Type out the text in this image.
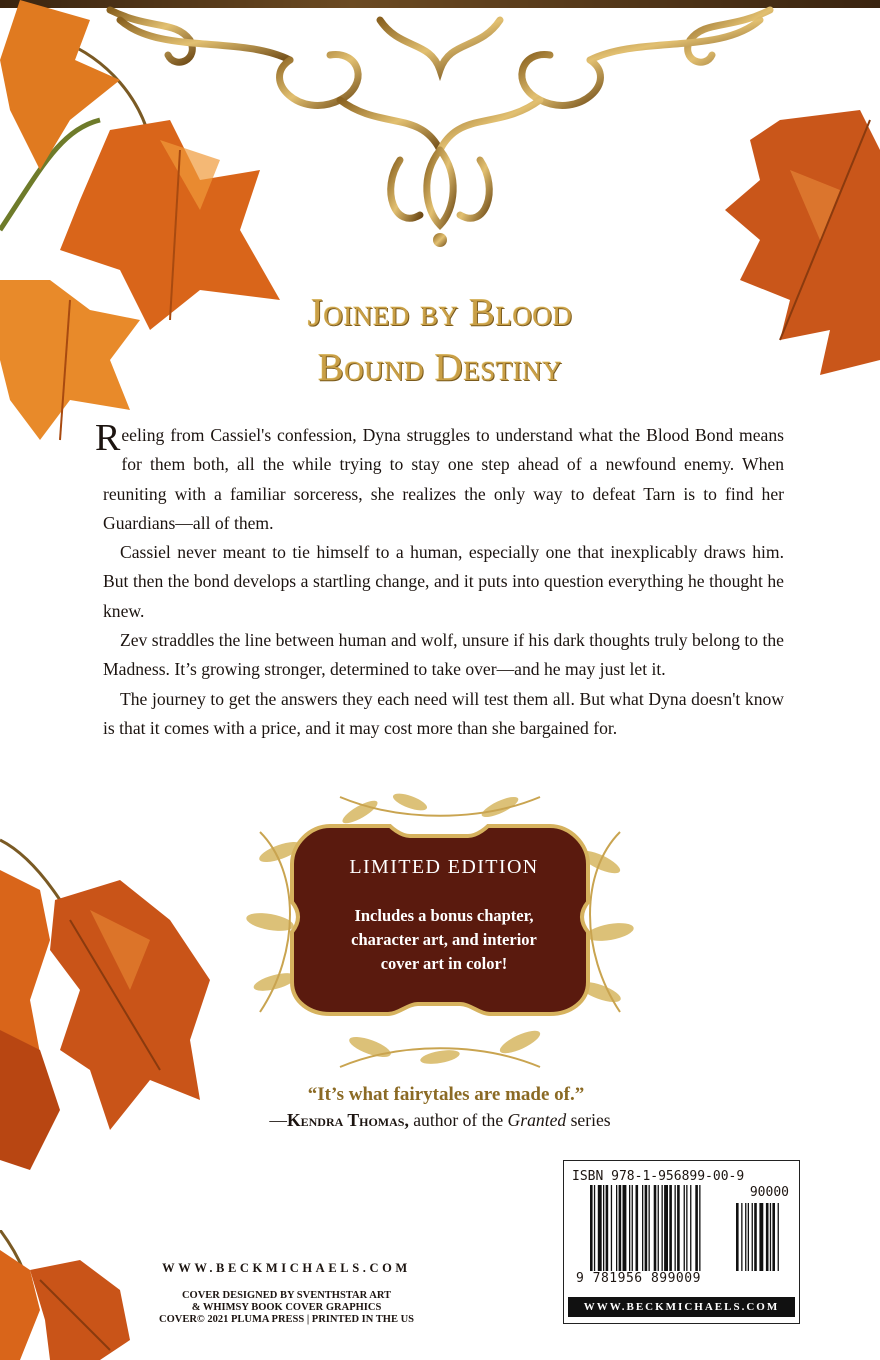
Joined by Blood
Bound Destiny

Reeling from Cassiel's confession, Dyna struggles to understand what the Blood Bond means for them both, all the while trying to stay one step ahead of a newfound enemy. When reuniting with a familiar sorceress, she realizes the only way to defeat Tarn is to find her Guardians—all of them.

Cassiel never meant to tie himself to a human, especially one that inexplicably draws him. But then the bond develops a startling change, and it puts into question everything he thought he knew.

Zev straddles the line between human and wolf, unsure if his dark thoughts truly belong to the Madness. It’s growing stronger, determined to take over—and he may just let it.

The journey to get the answers they each need will test them all. But what Dyna doesn't know is that it comes with a price, and it may cost more than she bargained for.

LIMITED EDITION
Includes a bonus chapter,
character art, and interior
cover art in color!
“It’s what fairytales are made of.”
—Kendra Thomas, author of the Granted series
WWW.BECKMICHAELS.COM
COVER DESIGNED BY SVENTHSTAR ART
& WHIMSY BOOK COVER GRAPHICS
COVER© 2021 PLUMA PRESS | PRINTED IN THE US
ISBN 978-1-956899-00-9
90000
9 781956 899009
WWW.BECKMICHAELS.COM
